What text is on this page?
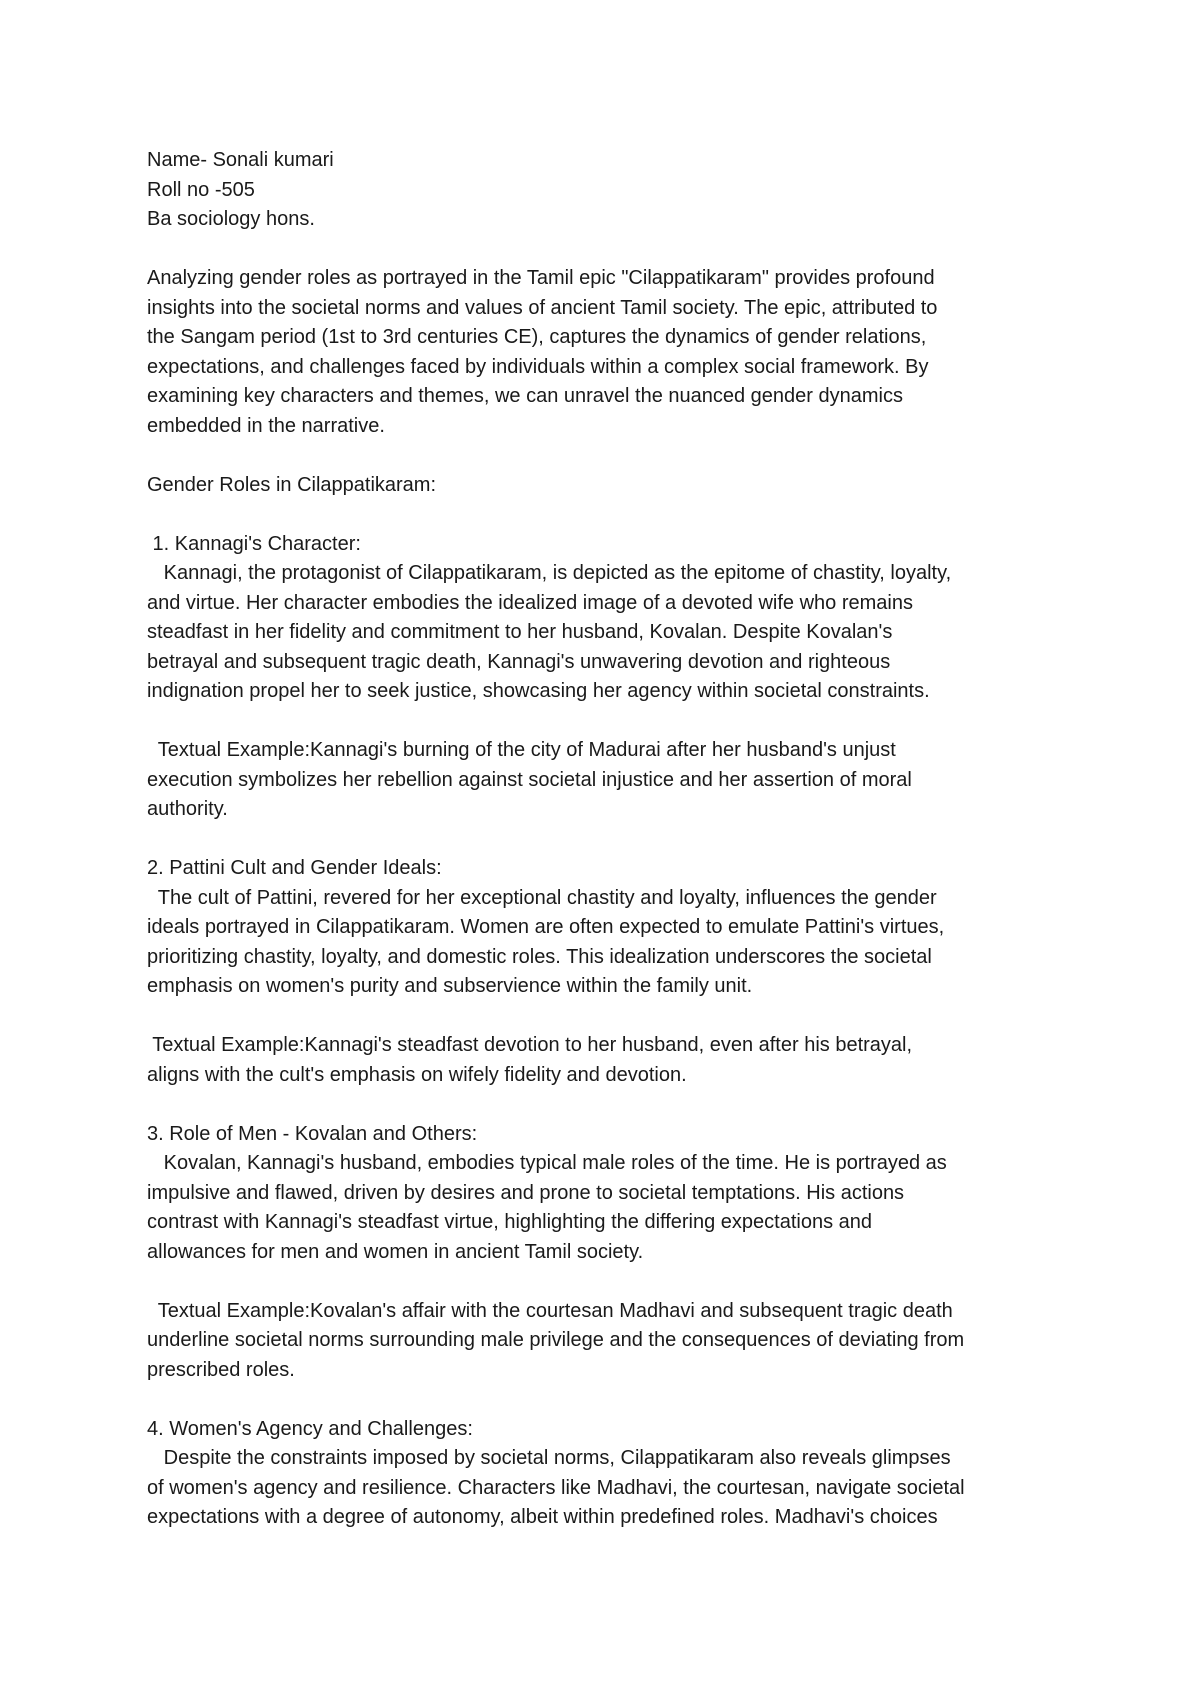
Name- Sonali kumari
Roll no -505
Ba sociology hons.
Analyzing gender roles as portrayed in the Tamil epic "Cilappatikaram" provides profound
insights into the societal norms and values of ancient Tamil society. The epic, attributed to
the Sangam period (1st to 3rd centuries CE), captures the dynamics of gender relations,
expectations, and challenges faced by individuals within a complex social framework. By
examining key characters and themes, we can unravel the nuanced gender dynamics
embedded in the narrative.
Gender Roles in Cilappatikaram:
1. Kannagi's Character:
Kannagi, the protagonist of Cilappatikaram, is depicted as the epitome of chastity, loyalty,
and virtue. Her character embodies the idealized image of a devoted wife who remains
steadfast in her fidelity and commitment to her husband, Kovalan. Despite Kovalan's
betrayal and subsequent tragic death, Kannagi's unwavering devotion and righteous
indignation propel her to seek justice, showcasing her agency within societal constraints.
Textual Example:Kannagi's burning of the city of Madurai after her husband's unjust
execution symbolizes her rebellion against societal injustice and her assertion of moral
authority.
2. Pattini Cult and Gender Ideals:
The cult of Pattini, revered for her exceptional chastity and loyalty, influences the gender
ideals portrayed in Cilappatikaram. Women are often expected to emulate Pattini's virtues,
prioritizing chastity, loyalty, and domestic roles. This idealization underscores the societal
emphasis on women's purity and subservience within the family unit.
Textual Example:Kannagi's steadfast devotion to her husband, even after his betrayal,
aligns with the cult's emphasis on wifely fidelity and devotion.
3. Role of Men - Kovalan and Others:
Kovalan, Kannagi's husband, embodies typical male roles of the time. He is portrayed as
impulsive and flawed, driven by desires and prone to societal temptations. His actions
contrast with Kannagi's steadfast virtue, highlighting the differing expectations and
allowances for men and women in ancient Tamil society.
Textual Example:Kovalan's affair with the courtesan Madhavi and subsequent tragic death
underline societal norms surrounding male privilege and the consequences of deviating from
prescribed roles.
4. Women's Agency and Challenges:
Despite the constraints imposed by societal norms, Cilappatikaram also reveals glimpses
of women's agency and resilience. Characters like Madhavi, the courtesan, navigate societal
expectations with a degree of autonomy, albeit within predefined roles. Madhavi's choices
